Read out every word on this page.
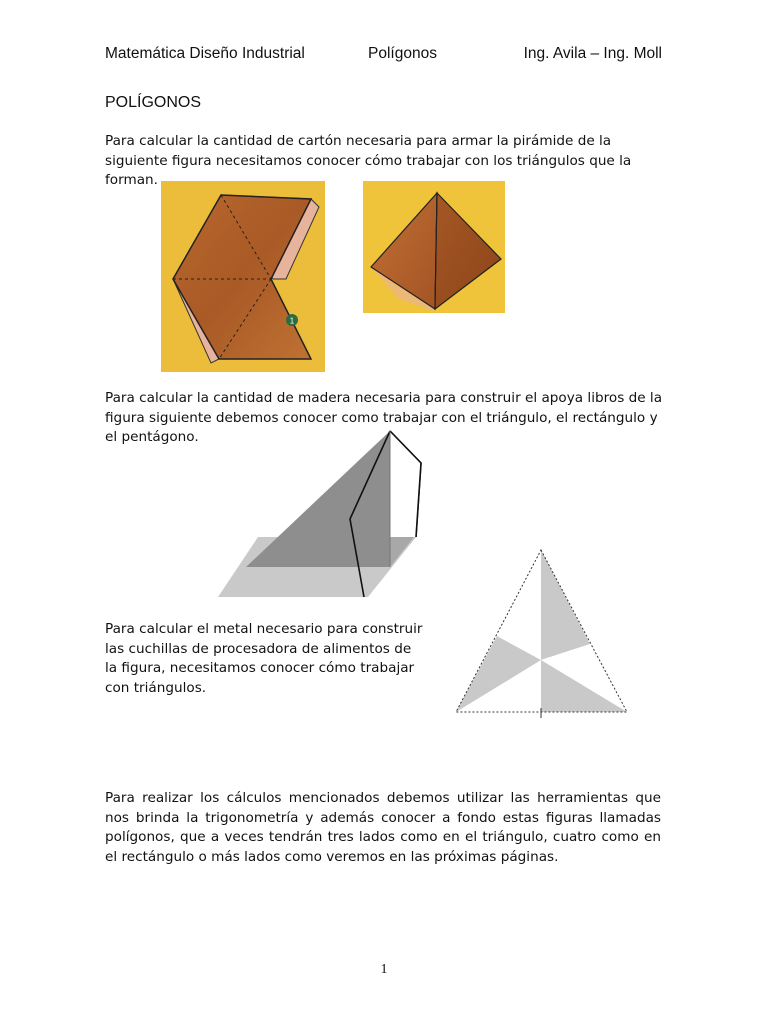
Matemática Diseño Industrial	Polígonos	Ing. Avila – Ing. Moll
POLÍGONOS

Para calcular la cantidad de cartón necesaria para armar la pirámide de la siguiente figura necesitamos conocer cómo trabajar con los triángulos que la forman.

1

Para calcular la cantidad de madera necesaria para construir el apoya libros de la figura siguiente debemos conocer como trabajar con el triángulo, el rectángulo y el pentágono.

Para calcular el metal necesario para construir las cuchillas de procesadora de alimentos de la figura, necesitamos conocer cómo trabajar con triángulos.

Para realizar los cálculos mencionados debemos utilizar las herramientas que nos brinda la trigonometría y además conocer a fondo estas figuras llamadas polígonos, que a veces tendrán tres lados como en el triángulo, cuatro como en el rectángulo o más lados como veremos en las próximas páginas.

1
